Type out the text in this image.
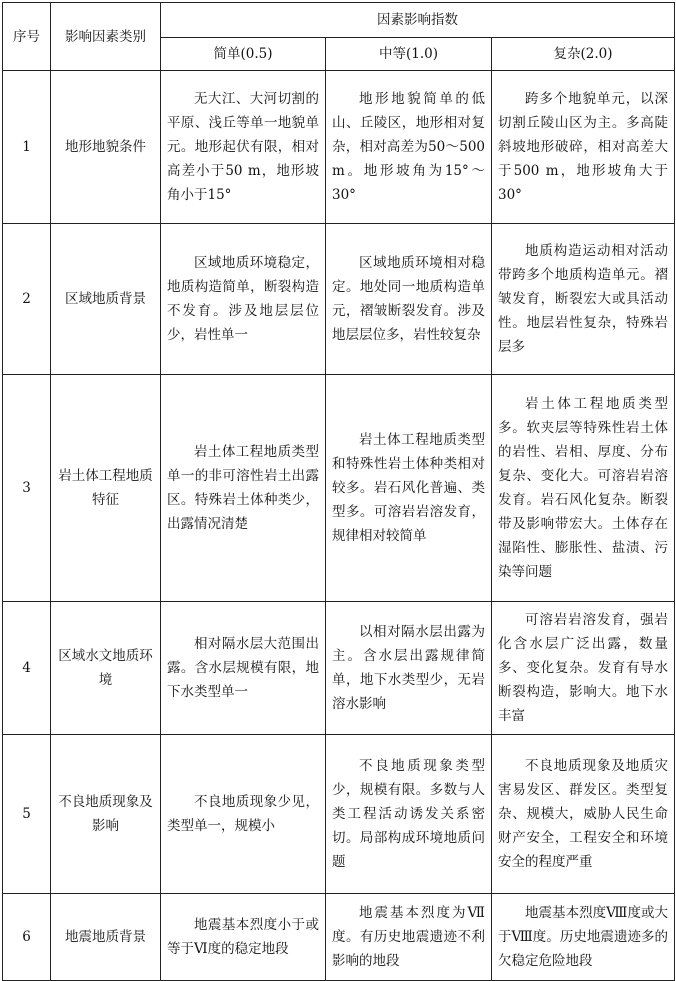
序号	影响因素类别	因素影响指数		
		简单(0.5)	中等(1.0)	复杂(2.0)
1	地形地貌条件	无大江、大河切割的平原、浅丘等单一地貌单元。地形起伏有限，相对高差小于50 m，地形坡角小于15°	地形地貌简单的低山、丘陵区，地形相对复杂，相对高差为50～500 m。地形坡角为15°～30°	跨多个地貌单元，以深切割丘陵山区为主。多高陡斜坡地形破碎，相对高差大于500 m，地形坡角大于30°
2	区域地质背景	区域地质环境稳定，地质构造简单，断裂构造不发育。涉及地层层位少，岩性单一	区域地质环境相对稳定。地处同一地质构造单元，褶皱断裂发育。涉及地层层位多，岩性较复杂	地质构造运动相对活动带跨多个地质构造单元。褶皱发育，断裂宏大或具活动性。地层岩性复杂，特殊岩层多
3	岩土体工程地质特征	岩土体工程地质类型单一的非可溶性岩土出露区。特殊岩土体种类少，出露情况清楚	岩土体工程地质类型和特殊性岩土体种类相对较多。岩石风化普遍、类型多。可溶岩岩溶发育，规律相对较简单	岩土体工程地质类型多。软夹层等特殊性岩土体的岩性、岩相、厚度、分布复杂、变化大。可溶岩岩溶发育。岩石风化复杂。断裂带及影响带宏大。土体存在湿陷性、膨胀性、盐渍、污染等问题
4	区域水文地质环境	相对隔水层大范围出露。含水层规模有限，地下水类型单一	以相对隔水层出露为主。含水层出露规律简单，地下水类型少，无岩溶水影响	可溶岩岩溶发育，强岩化含水层广泛出露，数量多、变化复杂。发育有导水断裂构造，影响大。地下水丰富
5	不良地质现象及影响	不良地质现象少见，类型单一，规模小	不良地质现象类型少，规模有限。多数与人类工程活动诱发关系密切。局部构成环境地质问题	不良地质现象及地质灾害易发区、群发区。类型复杂、规模大，威胁人民生命财产安全，工程安全和环境安全的程度严重
6	地震地质背景	地震基本烈度小于或等于Ⅵ度的稳定地段	地震基本烈度为Ⅶ度。有历史地震遗迹不利影响的地段	地震基本烈度Ⅷ度或大于Ⅷ度。历史地震遗迹多的欠稳定危险地段
